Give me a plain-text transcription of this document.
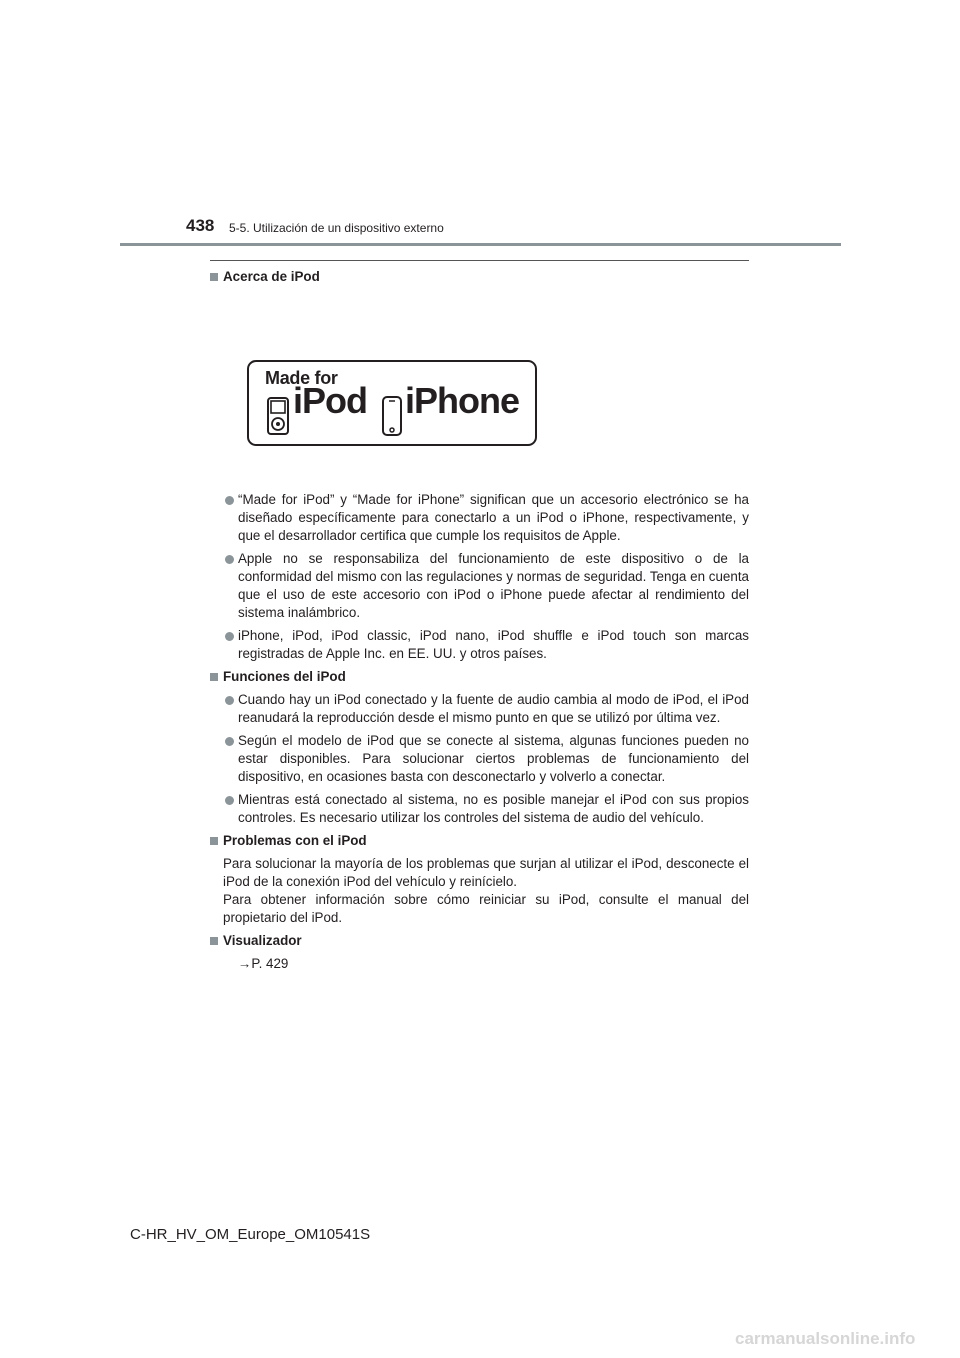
438 5-5. Utilización de un dispositivo externo
Acerca de iPod
Made for
iPod iPhone
“Made for iPod” y “Made for iPhone” significan que un accesorio electrónico se ha diseñado específicamente para conectarlo a un iPod o iPhone, respectivamente, y que el desarrollador certifica que cumple los requisitos de Apple.
Apple no se responsabiliza del funcionamiento de este dispositivo o de la conformidad del mismo con las regulaciones y normas de seguridad. Tenga en cuenta que el uso de este accesorio con iPod o iPhone puede afectar al rendimiento del sistema inalámbrico.
iPhone, iPod, iPod classic, iPod nano, iPod shuffle e iPod touch son marcas registradas de Apple Inc. en EE. UU. y otros países.
Funciones del iPod
Cuando hay un iPod conectado y la fuente de audio cambia al modo de iPod, el iPod reanudará la reproducción desde el mismo punto en que se utilizó por última vez.
Según el modelo de iPod que se conecte al sistema, algunas funciones pueden no estar disponibles. Para solucionar ciertos problemas de funcionamiento del dispositivo, en ocasiones basta con desconectarlo y volverlo a conectar.
Mientras está conectado al sistema, no es posible manejar el iPod con sus propios controles. Es necesario utilizar los controles del sistema de audio del vehículo.
Problemas con el iPod

Para solucionar la mayoría de los problemas que surjan al utilizar el iPod, desconecte el iPod de la conexión iPod del vehículo y reinícielo.

Para obtener información sobre cómo reiniciar su iPod, consulte el manual del propietario del iPod.

Visualizador
→P. 429
C-HR_HV_OM_Europe_OM10541S
carmanualsonline.info
